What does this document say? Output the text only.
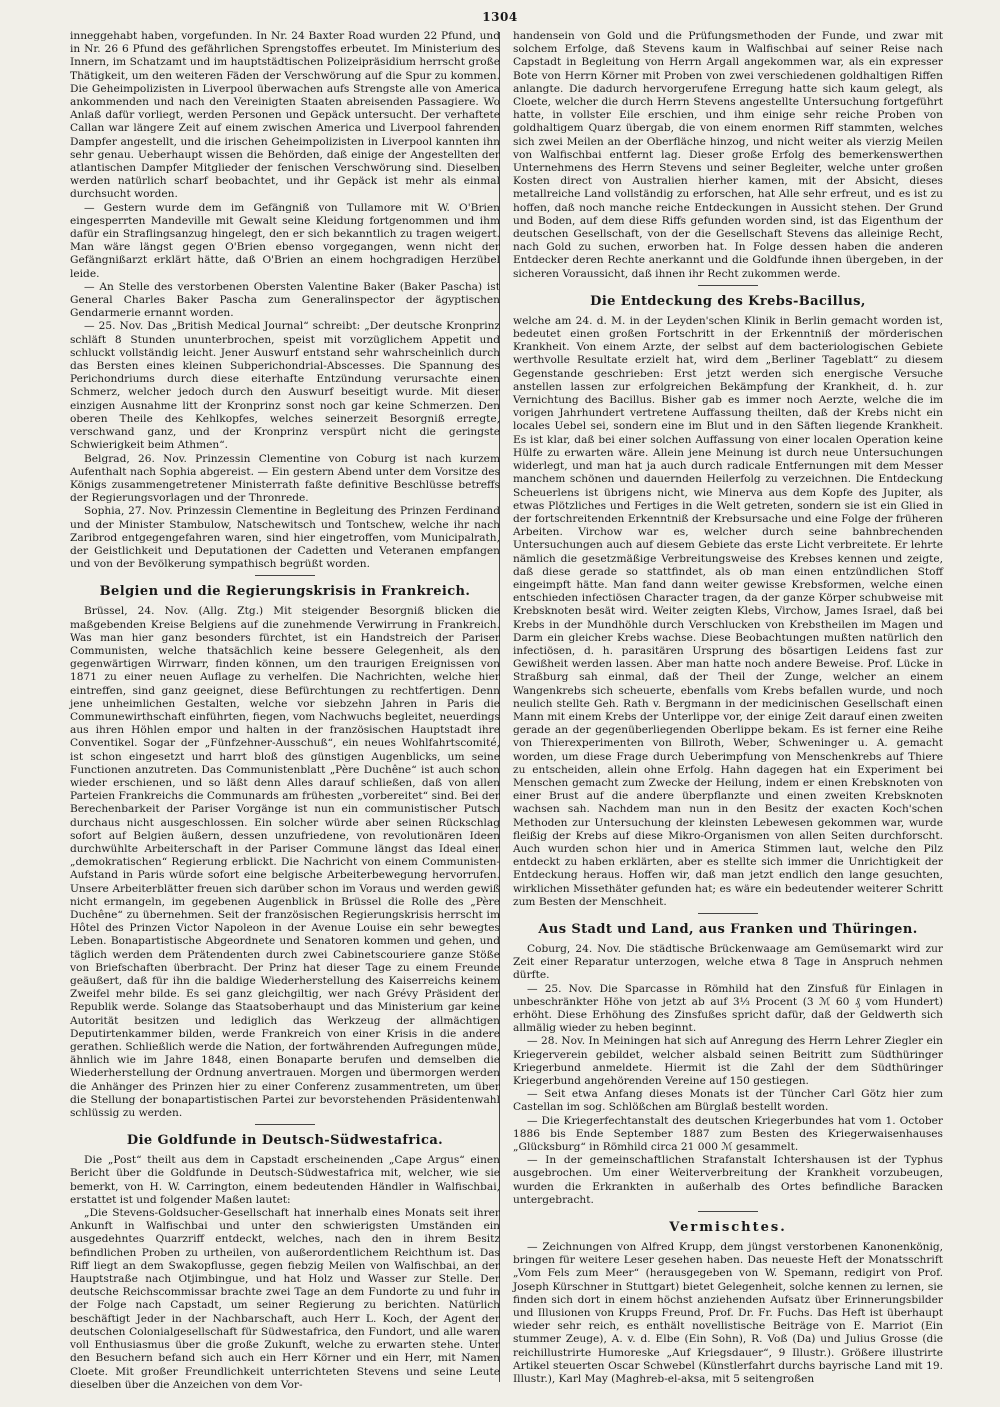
1304

inneggehabt haben, vorgefunden. In Nr. 24 Baxter Road wurden 22 Pfund, und in Nr. 26 6 Pfund des gefährlichen Sprengstoffes erbeutet. Im Ministerium des Innern, im Schatzamt und im hauptstädtischen Polizeipräsidium herrscht große Thätigkeit, um den weiteren Fäden der Verschwörung auf die Spur zu kommen. Die Geheimpolizisten in Liverpool überwachen aufs Strengste alle von America ankommenden und nach den Vereinigten Staaten abreisenden Passagiere. Wo Anlaß dafür vorliegt, werden Personen und Gepäck untersucht. Der verhaftete Callan war längere Zeit auf einem zwischen America und Liverpool fahrenden Dampfer angestellt, und die irischen Geheimpolizisten in Liverpool kannten ihn sehr genau. Ueberhaupt wissen die Behörden, daß einige der Angestellten der atlantischen Dampfer Mitglieder der fenischen Verschwörung sind. Dieselben werden natürlich scharf beobachtet, und ihr Gepäck ist mehr als einmal durchsucht worden.

— Gestern wurde dem im Gefängniß von Tullamore mit W. O'Brien eingesperrten Mandeville mit Gewalt seine Kleidung fortgenommen und ihm dafür ein Straflingsanzug hingelegt, den er sich bekanntlich zu tragen weigert. Man wäre längst gegen O'Brien ebenso vorgegangen, wenn nicht der Gefängnißarzt erklärt hätte, daß O'Brien an einem hochgradigen Herzübel leide.

— An Stelle des verstorbenen Obersten Valentine Baker (Baker Pascha) ist General Charles Baker Pascha zum Generalinspector der ägyptischen Gendarmerie ernannt worden.

— 25. Nov. Das „British Medical Journal“ schreibt: „Der deutsche Kronprinz schläft 8 Stunden ununterbrochen, speist mit vorzüglichem Appetit und schluckt vollständig leicht. Jener Auswurf entstand sehr wahrscheinlich durch das Bersten eines kleinen Subperichondrial-Abscesses. Die Spannung des Perichondriums durch diese eiterhafte Entzündung verursachte einen Schmerz, welcher jedoch durch den Auswurf beseitigt wurde. Mit dieser einzigen Ausnahme litt der Kronprinz sonst noch gar keine Schmerzen. Den oberen Theile des Kehlkopfes, welches seinerzeit Besorgniß erregte, verschwand ganz, und der Kronprinz verspürt nicht die geringste Schwierigkeit beim Athmen“.

Belgrad, 26. Nov. Prinzessin Clementine von Coburg ist nach kurzem Aufenthalt nach Sophia abgereist. — Ein gestern Abend unter dem Vorsitze des Königs zusammengetretener Ministerrath faßte definitive Beschlüsse betreffs der Regierungsvorlagen und der Thronrede.

Sophia, 27. Nov. Prinzessin Clementine in Begleitung des Prinzen Ferdinand und der Minister Stambulow, Natschewitsch und Tontschew, welche ihr nach Zaribrod entgegengefahren waren, sind hier eingetroffen, vom Municipalrath, der Geistlichkeit und Deputationen der Cadetten und Veteranen empfangen und von der Bevölkerung sympathisch begrüßt worden.

Belgien und die Regierungskrisis in Frankreich.

Brüssel, 24. Nov. (Allg. Ztg.) Mit steigender Besorgniß blicken die maßgebenden Kreise Belgiens auf die zunehmende Verwirrung in Frankreich. Was man hier ganz besonders fürchtet, ist ein Handstreich der Pariser Communisten, welche thatsächlich keine bessere Gelegenheit, als den gegenwärtigen Wirrwarr, finden können, um den traurigen Ereignissen von 1871 zu einer neuen Auflage zu verhelfen. Die Nachrichten, welche hier eintreffen, sind ganz geeignet, diese Befürchtungen zu rechtfertigen. Denn jene unheimlichen Gestalten, welche vor siebzehn Jahren in Paris die Communewirthschaft einführten, fiegen, vom Nachwuchs begleitet, neuerdings aus ihren Höhlen empor und halten in der französischen Hauptstadt ihre Conventikel. Sogar der „Fünfzehner-Ausschuß“, ein neues Wohlfahrtscomité, ist schon eingesetzt und harrt bloß des günstigen Augenblicks, um seine Functionen anzutreten. Das Communistenblatt „Père Duchêne“ ist auch schon wieder erschienen, und so läßt denn Alles darauf schließen, daß von allen Parteien Frankreichs die Communards am frühesten „vorbereitet“ sind. Bei der Berechenbarkeit der Pariser Vorgänge ist nun ein communistischer Putsch durchaus nicht ausgeschlossen. Ein solcher würde aber seinen Rückschlag sofort auf Belgien äußern, dessen unzufriedene, von revolutionären Ideen durchwühlte Arbeiterschaft in der Pariser Commune längst das Ideal einer „demokratischen“ Regierung erblickt. Die Nachricht von einem Communisten-Aufstand in Paris würde sofort eine belgische Arbeiterbewegung hervorrufen. Unsere Arbeiterblätter freuen sich darüber schon im Voraus und werden gewiß nicht ermangeln, im gegebenen Augenblick in Brüssel die Rolle des „Père Duchêne“ zu übernehmen. Seit der französischen Regierungskrisis herrscht im Hôtel des Prinzen Victor Napoleon in der Avenue Louise ein sehr bewegtes Leben. Bonapartistische Abgeordnete und Senatoren kommen und gehen, und täglich werden dem Prätendenten durch zwei Cabinetscouriere ganze Stöße von Briefschaften überbracht. Der Prinz hat dieser Tage zu einem Freunde geäußert, daß für ihn die baldige Wiederherstellung des Kaiserreichs keinem Zweifel mehr bilde. Es sei ganz gleichgiltig, wer nach Grévy Präsident der Republik werde. Solange das Staatsoberhaupt und das Ministerium gar keine Autorität besitzen und lediglich das Werkzeug der allmächtigen Deputirtenkammer bilden, werde Frankreich von einer Krisis in die andere gerathen. Schließlich werde die Nation, der fortwährenden Aufregungen müde, ähnlich wie im Jahre 1848, einen Bonaparte berufen und demselben die Wiederherstellung der Ordnung anvertrauen. Morgen und übermorgen werden die Anhänger des Prinzen hier zu einer Conferenz zusammentreten, um über die Stellung der bonapartistischen Partei zur bevorstehenden Präsidentenwahl schlüssig zu werden.

Die Goldfunde in Deutsch-Südwestafrica.

Die „Post“ theilt aus dem in Capstadt erscheinenden „Cape Argus“ einen Bericht über die Goldfunde in Deutsch-Südwestafrica mit, welcher, wie sie bemerkt, von H. W. Carrington, einem bedeutenden Händler in Walfischbai, erstattet ist und folgender Maßen lautet:

„Die Stevens-Goldsucher-Gesellschaft hat innerhalb eines Monats seit ihrer Ankunft in Walfischbai und unter den schwierigsten Umständen ein ausgedehntes Quarzriff entdeckt, welches, nach den in ihrem Besitz befindlichen Proben zu urtheilen, von außerordentlichem Reichthum ist. Das Riff liegt an dem Swakopflusse, gegen fiebzig Meilen von Walfischbai, an der Hauptstraße nach Otjimbingue, und hat Holz und Wasser zur Stelle. Der deutsche Reichscommissar brachte zwei Tage an dem Fundorte zu und fuhr in der Folge nach Capstadt, um seiner Regierung zu berichten. Natürlich beschäftigt Jeder in der Nachbarschaft, auch Herr L. Koch, der Agent der deutschen Colonialgesellschaft für Südwestafrica, den Fundort, und alle waren voll Enthusiasmus über die große Zukunft, welche zu erwarten stehe. Unter den Besuchern befand sich auch ein Herr Körner und ein Herr, mit Namen Cloete. Mit großer Freundlichkeit unterrichteten Stevens und seine Leute dieselben über die Anzeichen von dem Vor-

handensein von Gold und die Prüfungsmethoden der Funde, und zwar mit solchem Erfolge, daß Stevens kaum in Walfischbai auf seiner Reise nach Capstadt in Begleitung von Herrn Argall angekommen war, als ein expresser Bote von Herrn Körner mit Proben von zwei verschiedenen goldhaltigen Riffen anlangte. Die dadurch hervorgerufene Erregung hatte sich kaum gelegt, als Cloete, welcher die durch Herrn Stevens angestellte Untersuchung fortgeführt hatte, in vollster Eile erschien, und ihm einige sehr reiche Proben von goldhaltigem Quarz übergab, die von einem enormen Riff stammten, welches sich zwei Meilen an der Oberfläche hinzog, und nicht weiter als vierzig Meilen von Walfischbai entfernt lag. Dieser große Erfolg des bemerkenswerthen Unternehmens des Herrn Stevens und seiner Begleiter, welche unter großen Kosten direct von Australien hierher kamen, mit der Absicht, dieses metallreiche Land vollständig zu erforschen, hat Alle sehr erfreut, und es ist zu hoffen, daß noch manche reiche Entdeckungen in Aussicht stehen. Der Grund und Boden, auf dem diese Riffs gefunden worden sind, ist das Eigenthum der deutschen Gesellschaft, von der die Gesellschaft Stevens das alleinige Recht, nach Gold zu suchen, erworben hat. In Folge dessen haben die anderen Entdecker deren Rechte anerkannt und die Goldfunde ihnen übergeben, in der sicheren Voraussicht, daß ihnen ihr Recht zukommen werde.

Die Entdeckung des Krebs-Bacillus,

welche am 24. d. M. in der Leyden'schen Klinik in Berlin gemacht worden ist, bedeutet einen großen Fortschritt in der Erkenntniß der mörderischen Krankheit. Von einem Arzte, der selbst auf dem bacteriologischen Gebiete werthvolle Resultate erzielt hat, wird dem „Berliner Tageblatt“ zu diesem Gegenstande geschrieben: Erst jetzt werden sich energische Versuche anstellen lassen zur erfolgreichen Bekämpfung der Krankheit, d. h. zur Vernichtung des Bacillus. Bisher gab es immer noch Aerzte, welche die im vorigen Jahrhundert vertretene Auffassung theilten, daß der Krebs nicht ein locales Uebel sei, sondern eine im Blut und in den Säften liegende Krankheit. Es ist klar, daß bei einer solchen Auffassung von einer localen Operation keine Hülfe zu erwarten wäre. Allein jene Meinung ist durch neue Untersuchungen widerlegt, und man hat ja auch durch radicale Entfernungen mit dem Messer manchem schönen und dauernden Heilerfolg zu verzeichnen. Die Entdeckung Scheuerlens ist übrigens nicht, wie Minerva aus dem Kopfe des Jupiter, als etwas Plötzliches und Fertiges in die Welt getreten, sondern sie ist ein Glied in der fortschreitenden Erkenntniß der Krebsursache und eine Folge der früheren Arbeiten. Virchow war es, welcher durch seine bahnbrechenden Untersuchungen auch auf diesem Gebiete das erste Licht verbreitete. Er lehrte nämlich die gesetzmäßige Verbreitungsweise des Krebses kennen und zeigte, daß diese gerade so stattfindet, als ob man einen entzündlichen Stoff eingeimpft hätte. Man fand dann weiter gewisse Krebsformen, welche einen entschieden infectiösen Character tragen, da der ganze Körper schubweise mit Krebsknoten besät wird. Weiter zeigten Klebs, Virchow, James Israel, daß bei Krebs in der Mundhöhle durch Verschlucken von Krebstheilen im Magen und Darm ein gleicher Krebs wachse. Diese Beobachtungen mußten natürlich den infectiösen, d. h. parasitären Ursprung des bösartigen Leidens fast zur Gewißheit werden lassen. Aber man hatte noch andere Beweise. Prof. Lücke in Straßburg sah einmal, daß der Theil der Zunge, welcher an einem Wangenkrebs sich scheuerte, ebenfalls vom Krebs befallen wurde, und noch neulich stellte Geh. Rath v. Bergmann in der medicinischen Gesellschaft einen Mann mit einem Krebs der Unterlippe vor, der einige Zeit darauf einen zweiten gerade an der gegenüberliegenden Oberlippe bekam. Es ist ferner eine Reihe von Thierexperimenten von Billroth, Weber, Schweninger u. A. gemacht worden, um diese Frage durch Ueberimpfung von Menschenkrebs auf Thiere zu entscheiden, allein ohne Erfolg. Hahn dagegen hat ein Experiment bei Menschen gemacht zum Zwecke der Heilung, indem er einen Krebsknoten von einer Brust auf die andere überpflanzte und einen zweiten Krebsknoten wachsen sah. Nachdem man nun in den Besitz der exacten Koch'schen Methoden zur Untersuchung der kleinsten Lebewesen gekommen war, wurde fleißig der Krebs auf diese Mikro-Organismen von allen Seiten durchforscht. Auch wurden schon hier und in America Stimmen laut, welche den Pilz entdeckt zu haben erklärten, aber es stellte sich immer die Unrichtigkeit der Entdeckung heraus. Hoffen wir, daß man jetzt endlich den lange gesuchten, wirklichen Missethäter gefunden hat; es wäre ein bedeutender weiterer Schritt zum Besten der Menschheit.

Aus Stadt und Land, aus Franken und Thüringen.

Coburg, 24. Nov. Die städtische Brückenwaage am Gemüsemarkt wird zur Zeit einer Reparatur unterzogen, welche etwa 8 Tage in Anspruch nehmen dürfte.

— 25. Nov. Die Sparcasse in Römhild hat den Zinsfuß für Einlagen in unbeschränkter Höhe von jetzt ab auf 3⅓ Procent (3 ℳ 60 ₰ vom Hundert) erhöht. Diese Erhöhung des Zinsfußes spricht dafür, daß der Geldwerth sich allmälig wieder zu heben beginnt.

— 28. Nov. In Meiningen hat sich auf Anregung des Herrn Lehrer Ziegler ein Kriegerverein gebildet, welcher alsbald seinen Beitritt zum Südthüringer Kriegerbund anmeldete. Hiermit ist die Zahl der dem Südthüringer Kriegerbund angehörenden Vereine auf 150 gestiegen.

— Seit etwa Anfang dieses Monats ist der Tüncher Carl Götz hier zum Castellan im sog. Schlößchen am Bürglaß bestellt worden.

— Die Kriegerfechtanstalt des deutschen Kriegerbundes hat vom 1. October 1886 bis Ende September 1887 zum Besten des Kriegerwaisenhauses „Glücksburg“ in Römhild circa 21 000 ℳ gesammelt.

— In der gemeinschaftlichen Strafanstalt Ichtershausen ist der Typhus ausgebrochen. Um einer Weiterverbreitung der Krankheit vorzubeugen, wurden die Erkrankten in außerhalb des Ortes befindliche Baracken untergebracht.

Vermischtes.

— Zeichnungen von Alfred Krupp, dem jüngst verstorbenen Kanonenkönig, bringen für weitere Leser gesehen haben. Das neueste Heft der Monatsschrift „Vom Fels zum Meer“ (herausgegeben von W. Spemann, redigirt von Prof. Joseph Kürschner in Stuttgart) bietet Gelegenheit, solche kennen zu lernen, sie finden sich dort in einem höchst anziehenden Aufsatz über Erinnerungsbilder und Illusionen von Krupps Freund, Prof. Dr. Fr. Fuchs. Das Heft ist überhaupt wieder sehr reich, es enthält novellistische Beiträge von E. Marriot (Ein stummer Zeuge), A. v. d. Elbe (Ein Sohn), R. Voß (Da) und Julius Grosse (die reichillustrirte Humoreske „Auf Kriegsdauer“, 9 Illustr.). Größere illustrirte Artikel steuerten Oscar Schwebel (Künstlerfahrt durchs bayrische Land mit 19. Illustr.), Karl May (Maghreb-el-aksa, mit 5 seitengroßen
